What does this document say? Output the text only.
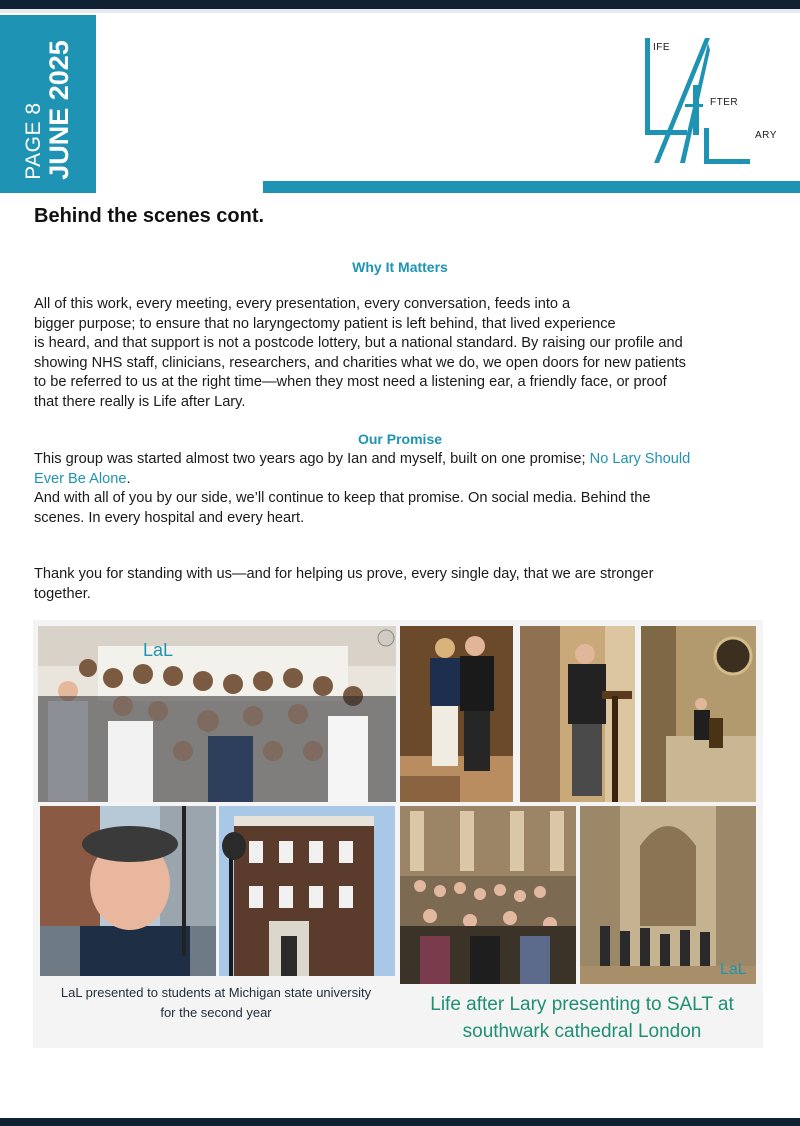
PAGE 8 JUNE 2025	IFE
FTER
ARY
Behind the scenes cont.
Why It Matters
All of this work, every meeting, every presentation, every conversation, feeds into a
bigger purpose; to ensure that no laryngectomy patient is left behind, that lived experience
is heard, and that support is not a postcode lottery, but a national standard. By raising our profile and
showing NHS staff, clinicians, researchers, and charities what we do, we open doors for new patients
to be referred to us at the right time—when they most need a listening ear, a friendly face, or proof
that there really is Life after Lary.
Our Promise
This group was started almost two years ago by Ian and myself, built on one promise; No Lary Should
Ever Be Alone.
And with all of you by our side, we’ll continue to keep that promise. On social media. Behind the
scenes. In every hospital and every heart.
Thank you for standing with us—and for helping us prove, every single day, that we are stronger
together.
LaL
LaL
LaL presented to students at Michigan state university
for the second year	Life after Lary presenting to SALT at
southwark cathedral London
